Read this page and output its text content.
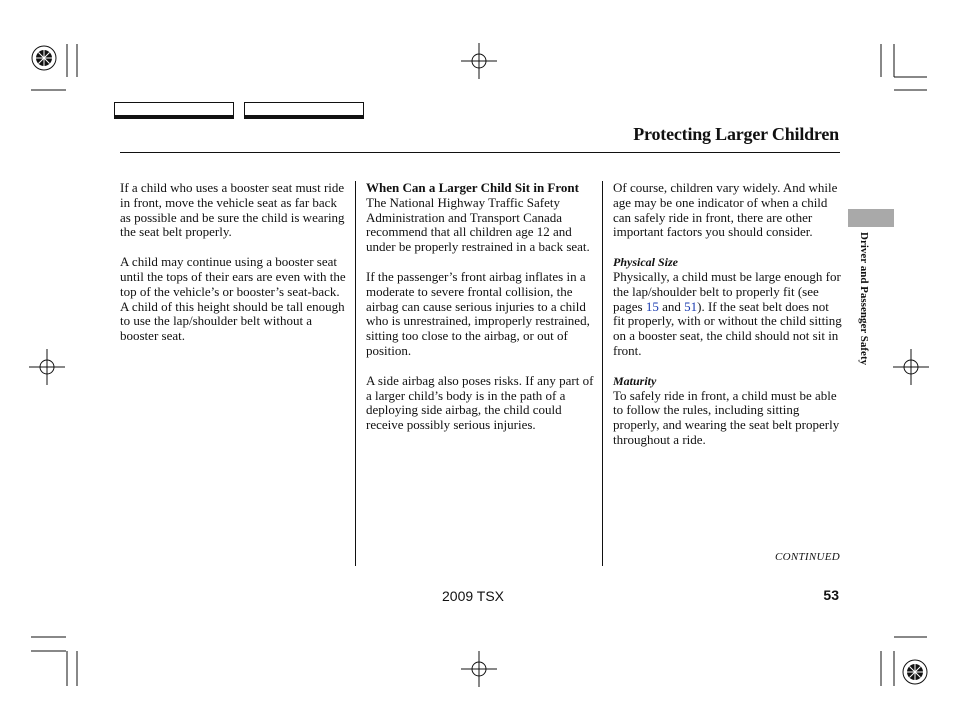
Protecting Larger Children

If a child who uses a booster seat must ride in front, move the vehicle seat as far back as possible and be sure the child is wearing the seat belt properly.

A child may continue using a booster seat until the tops of their ears are even with the top of the vehicle’s or booster’s seat-back. A child of this height should be tall enough to use the lap/shoulder belt without a booster seat.

When Can a Larger Child Sit in Front

The National Highway Traffic Safety Administration and Transport Canada recommend that all children age 12 and under be properly restrained in a back seat.

If the passenger’s front airbag inflates in a moderate to severe frontal collision, the airbag can cause serious injuries to a child who is unrestrained, improperly restrained, sitting too close to the airbag, or out of position.

A side airbag also poses risks. If any part of a larger child’s body is in the path of a deploying side airbag, the child could receive possibly serious injuries.

Of course, children vary widely. And while age may be one indicator of when a child can safely ride in front, there are other important factors you should consider.

Physical Size

Physically, a child must be large enough for the lap/shoulder belt to properly fit (see pages 15 and 51). If the seat belt does not fit properly, with or without the child sitting on a booster seat, the child should not sit in front.

Maturity

To safely ride in front, a child must be able to follow the rules, including sitting properly, and wearing the seat belt properly throughout a ride.

Driver and Passenger Safety
CONTINUED
2009 TSX	53
